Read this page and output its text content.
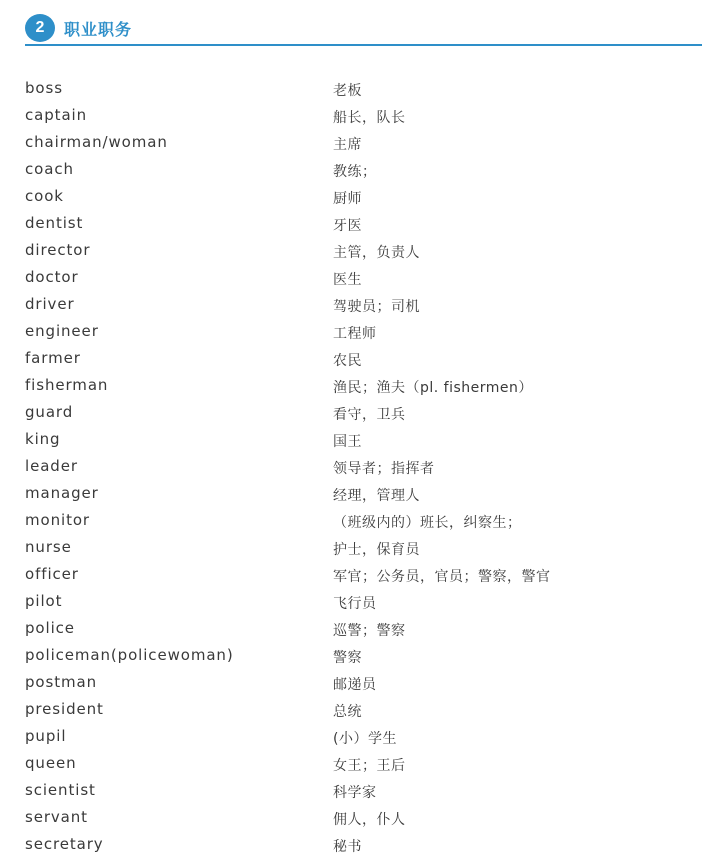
2	职业职务
boss	老板
captain	船长，队长
chairman/woman	主席
coach	教练；
cook	厨师
dentist	牙医
director	主管，负责人
doctor	医生
driver	驾驶员；司机
engineer	工程师
farmer	农民
fisherman	渔民；渔夫（pl. fishermen）
guard	看守，卫兵
king	国王
leader	领导者；指挥者
manager	经理，管理人
monitor	（班级内的）班长，纠察生；
nurse	护士，保育员
officer	军官；公务员，官员；警察，警官
pilot	飞行员
police	巡警；警察
policeman(policewoman)	警察
postman	邮递员
president	总统
pupil	(小）学生
queen	女王；王后
scientist	科学家
servant	佣人，仆人
secretary	秘书
